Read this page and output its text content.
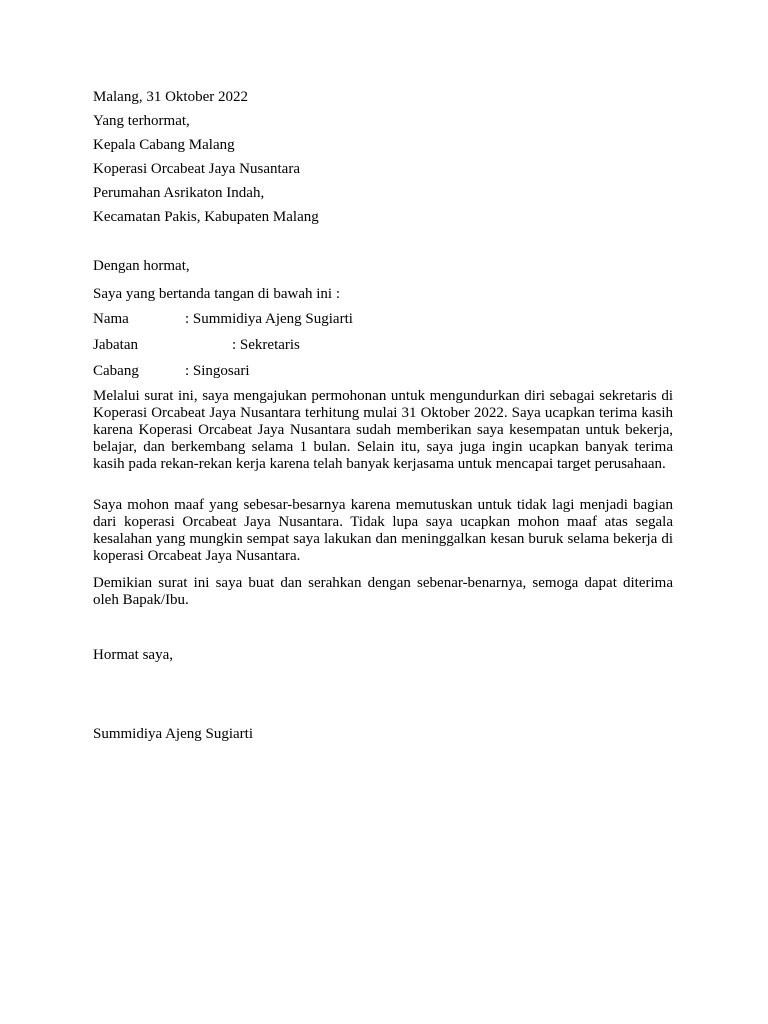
Malang, 31 Oktober 2022
Yang terhormat,
Kepala Cabang Malang
Koperasi Orcabeat Jaya Nusantara
Perumahan Asrikaton Indah,
Kecamatan Pakis, Kabupaten Malang
Dengan hormat,
Saya yang bertanda tangan di bawah ini :
Nama	: Summidiya Ajeng Sugiarti
Jabatan	: Sekretaris
Cabang	: Singosari

Melalui surat ini, saya mengajukan permohonan untuk mengundurkan diri sebagai sekretaris di Koperasi Orcabeat Jaya Nusantara terhitung mulai 31 Oktober 2022. Saya ucapkan terima kasih karena Koperasi Orcabeat Jaya Nusantara sudah memberikan saya kesempatan untuk bekerja, belajar, dan berkembang selama 1 bulan. Selain itu, saya juga ingin ucapkan banyak terima kasih pada rekan-rekan kerja karena telah banyak kerjasama untuk mencapai target perusahaan.

Saya mohon maaf yang sebesar-besarnya karena memutuskan untuk tidak lagi menjadi bagian dari koperasi Orcabeat Jaya Nusantara. Tidak lupa saya ucapkan mohon maaf atas segala kesalahan yang mungkin sempat saya lakukan dan meninggalkan kesan buruk selama bekerja di koperasi Orcabeat Jaya Nusantara.

Demikian surat ini saya buat dan serahkan dengan sebenar-benarnya, semoga dapat diterima oleh Bapak/Ibu.

Hormat saya,
Summidiya Ajeng Sugiarti
